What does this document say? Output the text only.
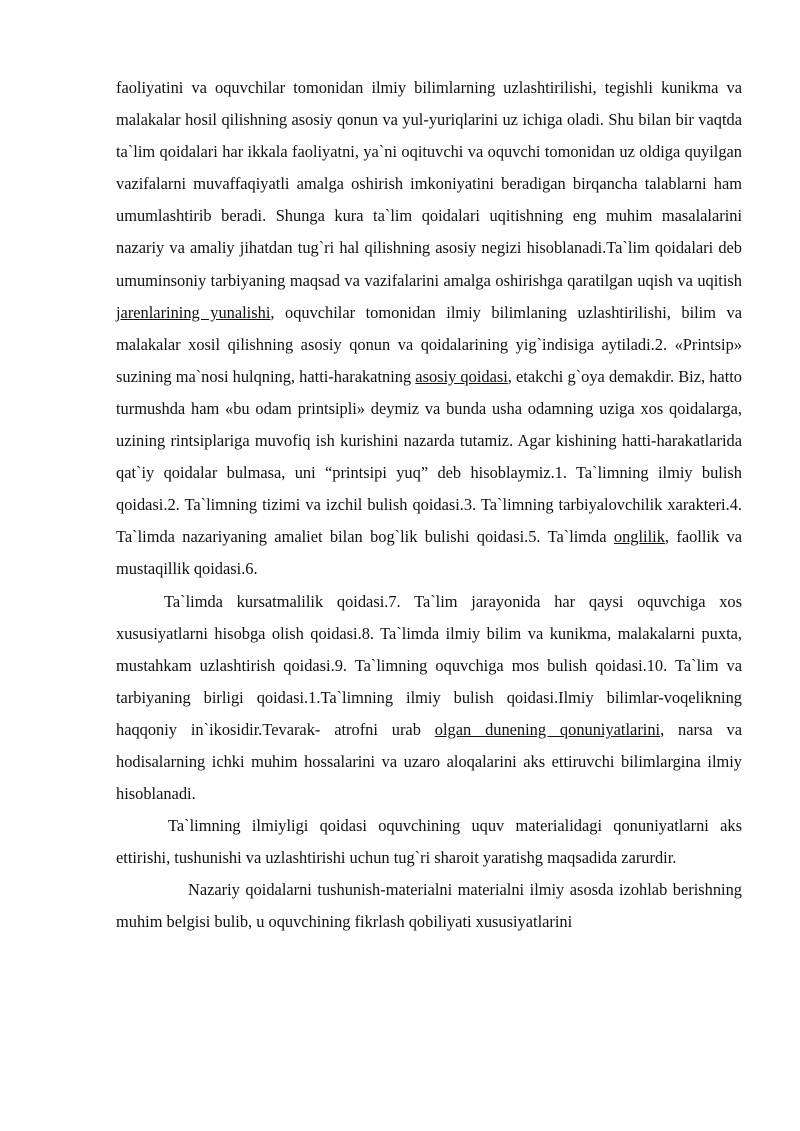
faoliyatini va oquvchilar tomonidan ilmiy bilimlarning uzlashtirilishi, tegishli kunikma va malakalar hosil qilishning asosiy qonun va yul-yuriqlarini uz ichiga oladi. Shu bilan bir vaqtda ta`lim qoidalari har ikkala faoliyatni, ya`ni oqituvchi va oquvchi tomonidan uz oldiga quyilgan vazifalarni muvaffaqiyatli amalga oshirish imkoniyatini beradigan birqancha talablarni ham umumlashtirib beradi. Shunga kura ta`lim qoidalari uqitishning eng muhim masalalarini nazariy va amaliy jihatdan tug`ri hal qilishning asosiy negizi hisoblanadi.Ta`lim qoidalari deb umuminsoniy tarbiyaning maqsad va vazifalarini amalga oshirishga qaratilgan uqish va uqitish jarenlarining yunalishi, oquvchilar tomonidan ilmiy bilimlaning uzlashtirilishi, bilim va malakalar xosil qilishning asosiy qonun va qoidalarining yig`indisiga aytiladi.2. «Printsip» suzining ma`nosi hulqning, hatti-harakatning asosiy qoidasi, etakchi g`oya demakdir. Biz, hatto turmushda ham «bu odam printsipli» deymiz va bunda usha odamning uziga xos qoidalarga, uzining rintsiplariga muvofiq ish kurishini nazarda tutamiz. Agar kishining hatti-harakatlarida qat`iy qoidalar bulmasa, uni “printsipi yuq” deb hisoblaymiz.1. Ta`limning ilmiy bulish qoidasi.2. Ta`limning tizimi va izchil bulish qoidasi.3. Ta`limning tarbiyalovchilik xarakteri.4. Ta`limda nazariyaning amaliet bilan bog`lik bulishi qoidasi.5. Ta`limda onglilik, faollik va mustaqillik qoidasi.6.

Ta`limda kursatmalilik qoidasi.7. Ta`lim jarayonida har qaysi oquvchiga xos xususiyatlarni hisobga olish qoidasi.8. Ta`limda ilmiy bilim va kunikma, malakalarni puxta, mustahkam uzlashtirish qoidasi.9. Ta`limning oquvchiga mos bulish qoidasi.10. Ta`lim va tarbiyaning birligi qoidasi.1.Ta`limning ilmiy bulish qoidasi.Ilmiy bilimlar-voqelikning haqqoniy in`ikosidir.Tevarak- atrofni urab olgan dunening qonuniyatlarini, narsa va hodisalarning ichki muhim hossalarini va uzaro aloqalarini aks ettiruvchi bilimlargina ilmiy hisoblanadi.

Ta`limning ilmiyligi qoidasi oquvchining uquv materialidagi qonuniyatlarni aks ettirishi, tushunishi va uzlashtirishi uchun tug`ri sharoit yaratishg maqsadida zarurdir.

Nazariy qoidalarni tushunish-materialni materialni ilmiy asosda izohlab berishning muhim belgisi bulib, u oquvchining fikrlash qobiliyati xususiyatlarini
